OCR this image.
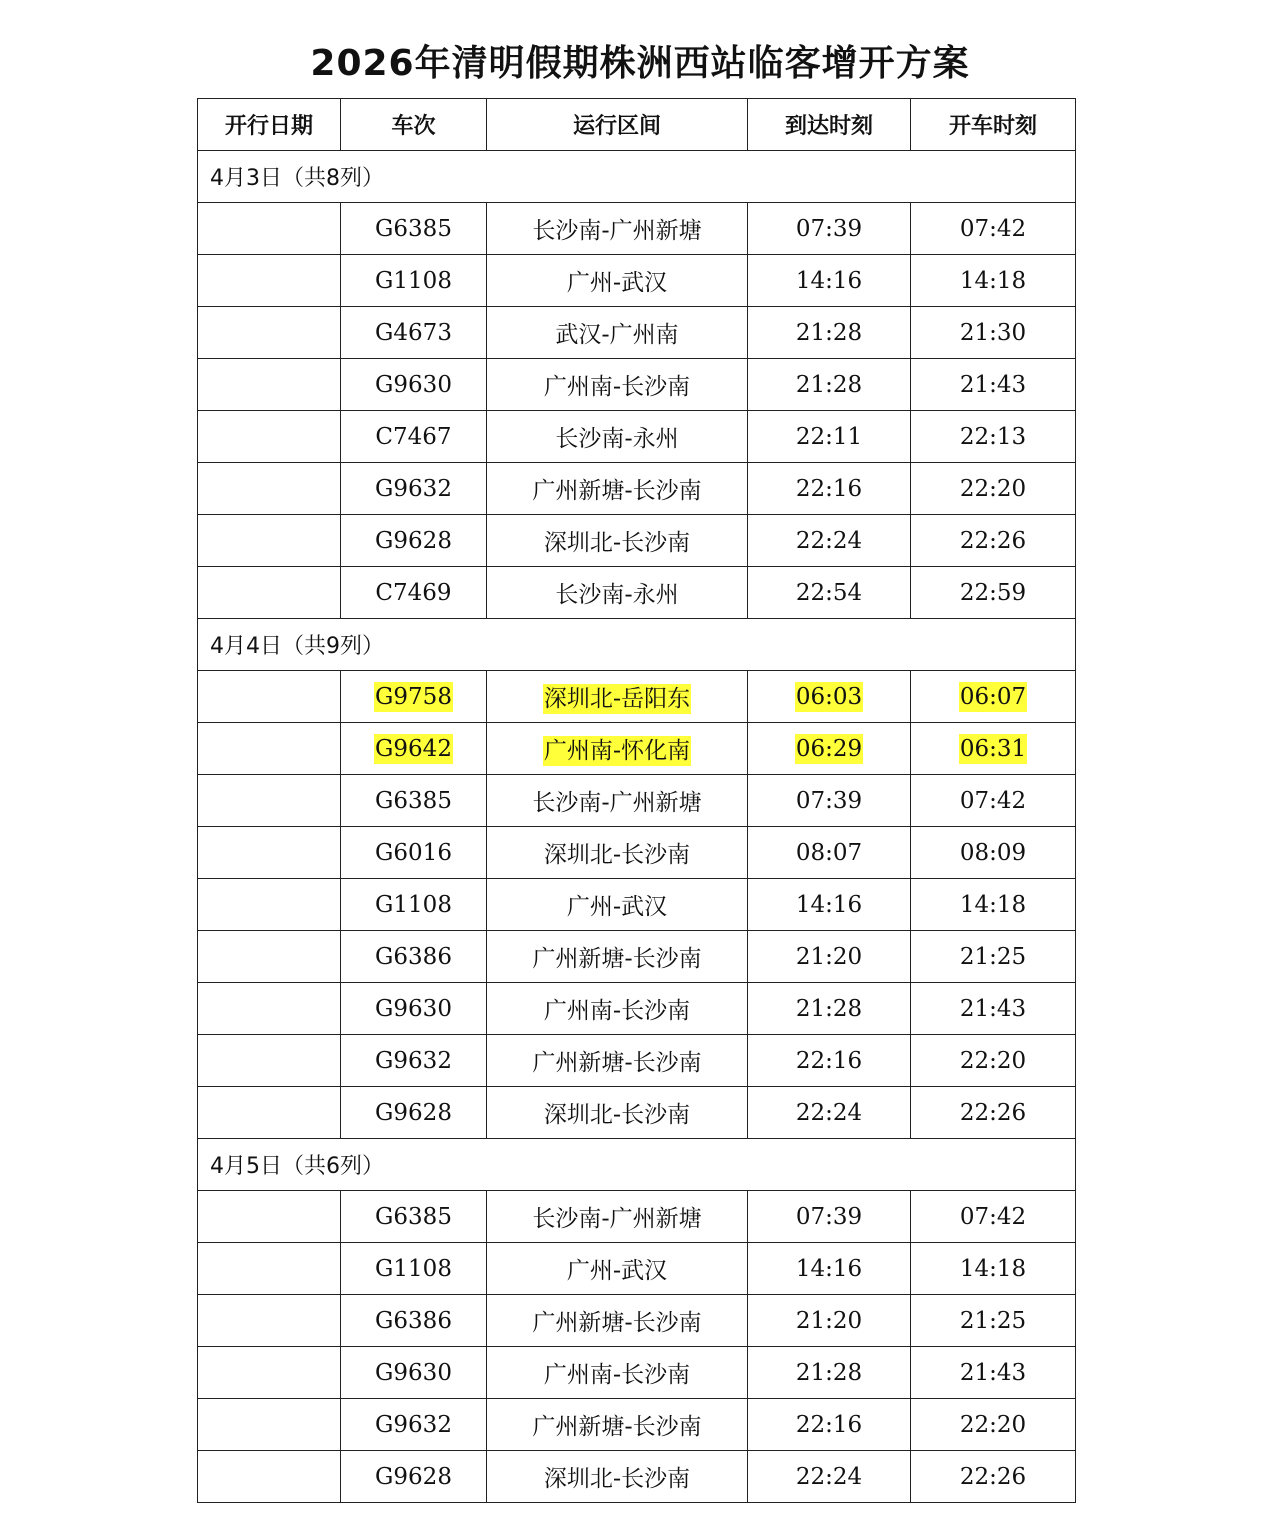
2026年清明假期株洲西站临客增开方案
开行日期	车次	运行区间	到达时刻	开车时刻
4月3日（共8列）				
	G6385	长沙南-广州新塘	07:39	07:42
	G1108	广州-武汉	14:16	14:18
	G4673	武汉-广州南	21:28	21:30
	G9630	广州南-长沙南	21:28	21:43
	C7467	长沙南-永州	22:11	22:13
	G9632	广州新塘-长沙南	22:16	22:20
	G9628	深圳北-长沙南	22:24	22:26
	C7469	长沙南-永州	22:54	22:59
4月4日（共9列）				
	G9758	深圳北-岳阳东	06:03	06:07
	G9642	广州南-怀化南	06:29	06:31
	G6385	长沙南-广州新塘	07:39	07:42
	G6016	深圳北-长沙南	08:07	08:09
	G1108	广州-武汉	14:16	14:18
	G6386	广州新塘-长沙南	21:20	21:25
	G9630	广州南-长沙南	21:28	21:43
	G9632	广州新塘-长沙南	22:16	22:20
	G9628	深圳北-长沙南	22:24	22:26
4月5日（共6列）				
	G6385	长沙南-广州新塘	07:39	07:42
	G1108	广州-武汉	14:16	14:18
	G6386	广州新塘-长沙南	21:20	21:25
	G9630	广州南-长沙南	21:28	21:43
	G9632	广州新塘-长沙南	22:16	22:20
	G9628	深圳北-长沙南	22:24	22:26
